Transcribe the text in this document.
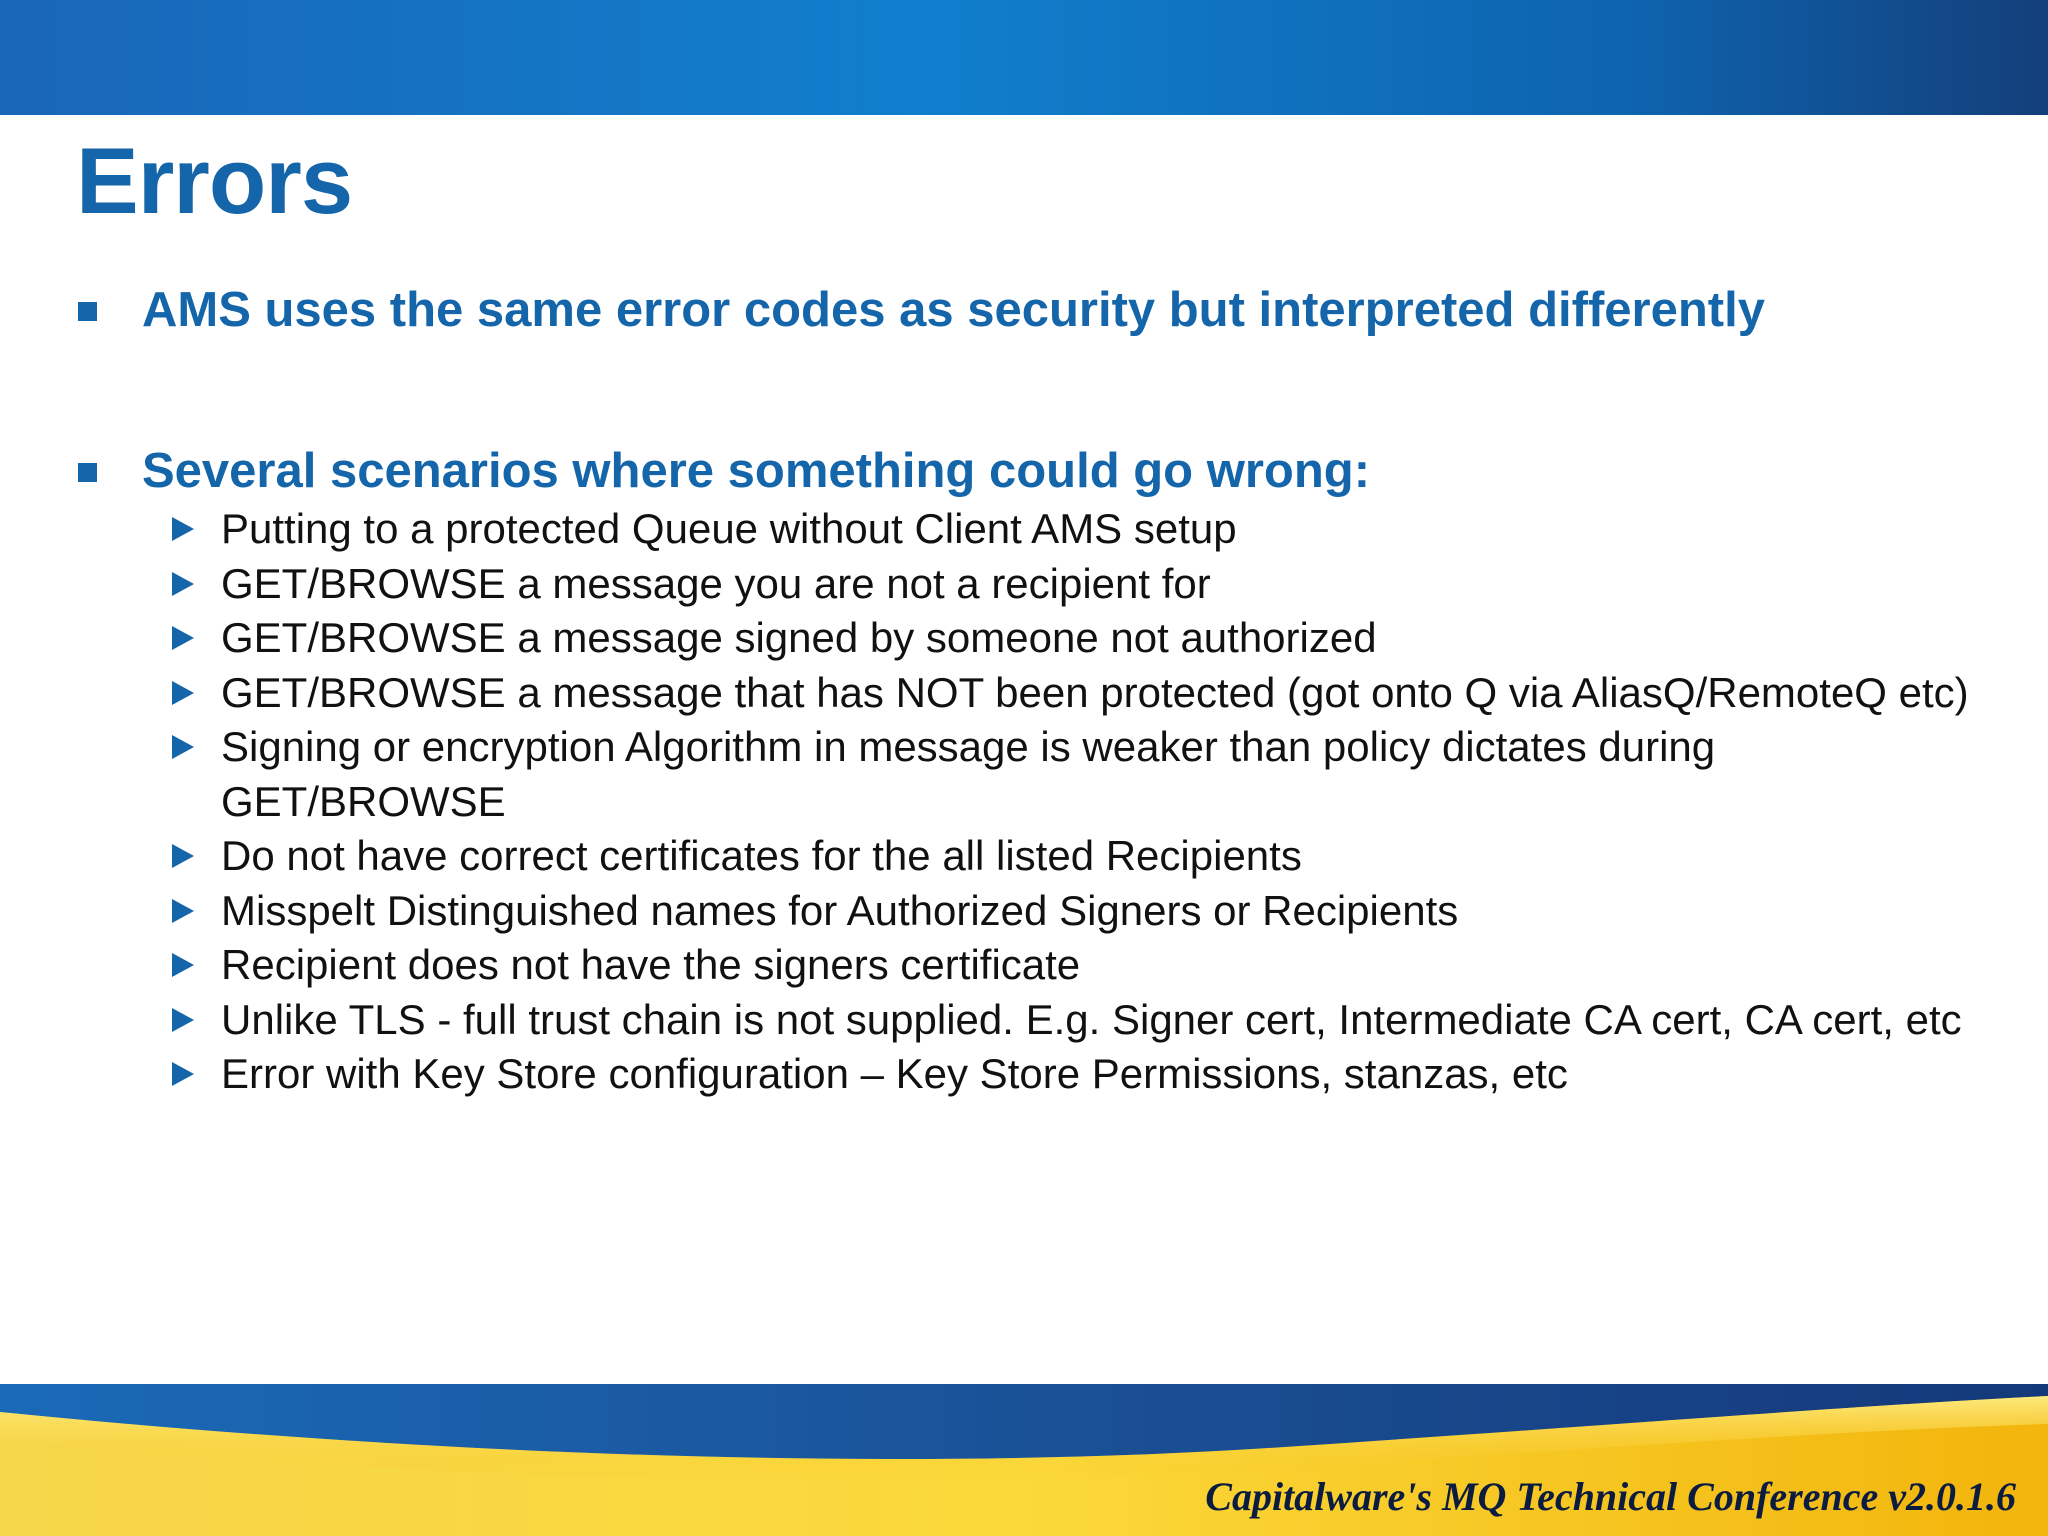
Errors
AMS uses the same error codes as security but interpreted differently
Several scenarios where something could go wrong:
Putting to a protected Queue without Client AMS setup
GET/BROWSE a message you are not a recipient for
GET/BROWSE a message signed by someone not authorized
GET/BROWSE a message that has NOT been protected (got onto Q via AliasQ/RemoteQ etc)
Signing or encryption Algorithm in message is weaker than policy dictates during GET/BROWSE
Do not have correct certificates for the all listed Recipients
Misspelt Distinguished names for Authorized Signers or Recipients
Recipient does not have the signers certificate
Unlike TLS - full trust chain is not supplied. E.g. Signer cert, Intermediate CA cert, CA cert, etc
Error with Key Store configuration – Key Store Permissions, stanzas, etc
Capitalware's MQ Technical Conference v2.0.1.6
